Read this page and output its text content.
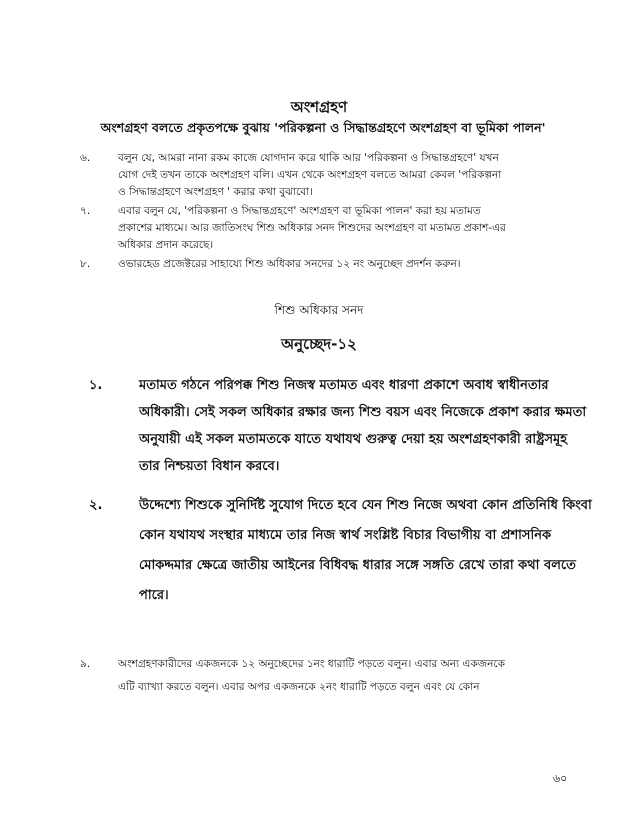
অংশগ্রহণ
অংশগ্রহণ বলতে প্রকৃতপক্ষে বুঝায় 'পরিকল্পনা ও সিদ্ধান্তগ্রহণে অংশগ্রহণ বা ভূমিকা পালন'
৬.	বলুন যে, আমরা নানা রকম কাজে যোগদান করে থাকি আর 'পরিকল্পনা ও সিদ্ধান্তগ্রহণে' যখন
যোগ দেই তখন তাকে অংশগ্রহণ বলি। এখন থেকে অংশগ্রহণ বলতে আমরা কেবল 'পরিকল্পনা
ও সিদ্ধান্তগ্রহণে অংশগ্রহণ ' করার কথা বুঝাবো।
৭.	এবার বলুন যে, 'পরিকল্পনা ও সিদ্ধান্তগ্রহণে' অংশগ্রহণ বা ভূমিকা পালন' করা হয় মতামত
প্রকাশের মাধ্যমে। আর জাতিসংঘ শিশু অধিকার সনদ শিশুদের অংশগ্রহণ বা মতামত প্রকাশ-এর
অধিকার প্রদান করেছে।
৮.	ওভারহেড প্রজেক্টরের সাহায্যে শিশু অধিকার সনদের ১২ নং অনুচ্ছেদ প্রদর্শন করুন।
শিশু অধিকার সনদ
অনুচ্ছেদ-১২
১.	মতামত গঠনে পরিপক্ক শিশু নিজস্ব মতামত এবং ধারণা প্রকাশে অবাধ স্বাধীনতার
অধিকারী। সেই সকল অধিকার রক্ষার জন্য শিশু বয়স এবং নিজেকে প্রকাশ করার ক্ষমতা
অনুযায়ী এই সকল মতামতকে যাতে যথাযথ গুরুত্ব দেয়া হয় অংশগ্রহণকারী রাষ্ট্রসমূহ
তার নিশ্চয়তা বিধান করবে।
২.	উদ্দেশ্যে শিশুকে সুনির্দিষ্ট সুযোগ দিতে হবে যেন শিশু নিজে অথবা কোন প্রতিনিধি কিংবা
কোন যথাযথ সংস্থার মাধ্যমে তার নিজ স্বার্থ সংশ্লিষ্ট বিচার বিভাগীয় বা প্রশাসনিক
মোকদ্দমার ক্ষেত্রে জাতীয় আইনের বিধিবদ্ধ ধারার সঙ্গে সঙ্গতি রেখে তারা কথা বলতে
পারে।
৯.	অংশগ্রহণকারীদের একজনকে ১২ অনুচ্ছেদের ১নং ধারাটি পড়তে বলুন। এবার অন্য একজনকে
এটি ব্যাখ্যা করতে বলুন। এবার অপর একজনকে ২নং ধারাটি পড়তে বলুন এবং যে কোন
৬০
